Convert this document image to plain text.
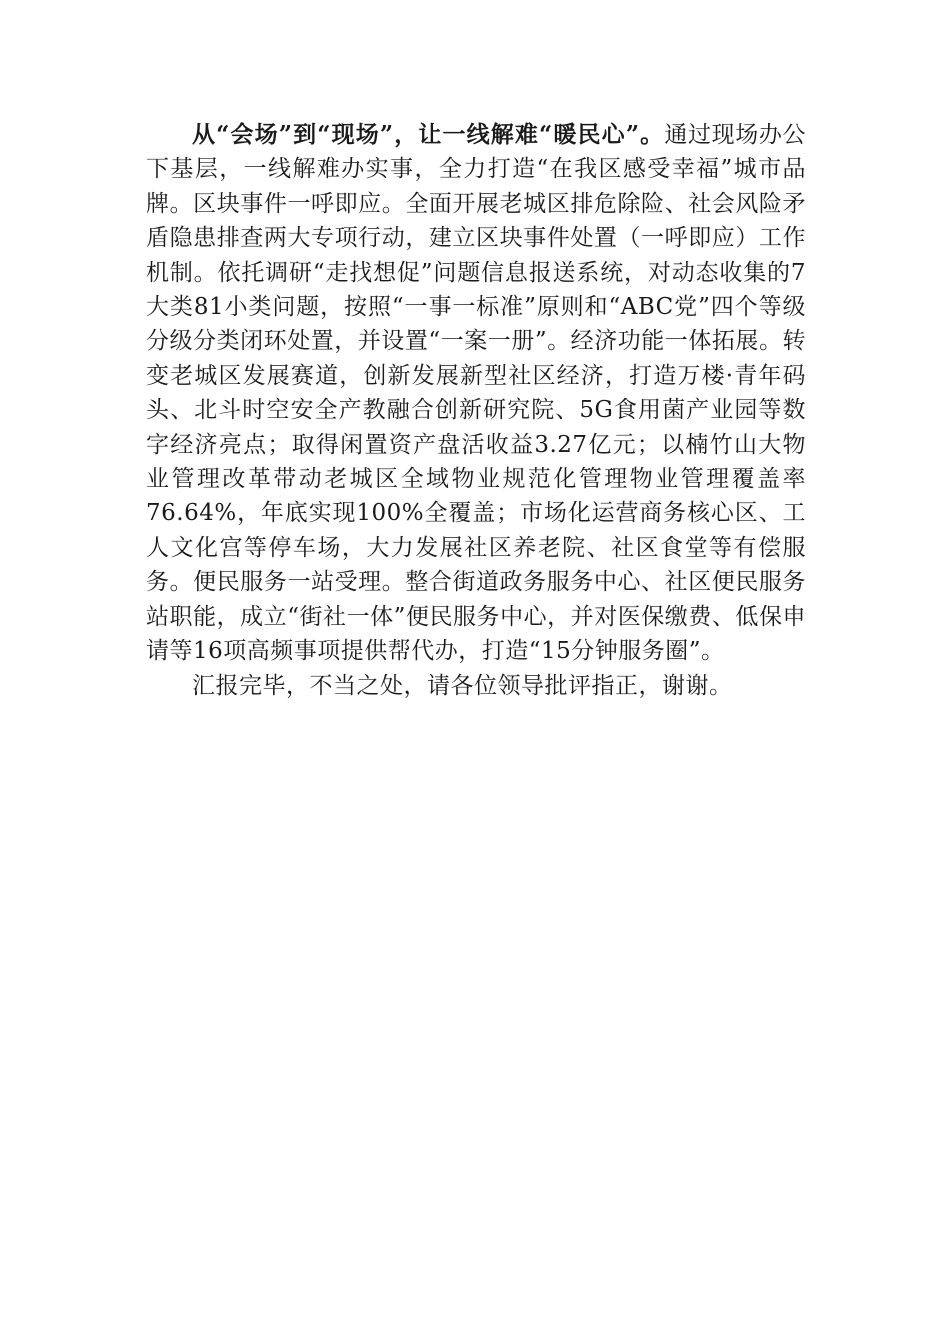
从“会场”到“现场”，让一线解难“暖民心”。通过现场办公下基层，一线解难办实事，全力打造“在我区感受幸福”城市品牌。区块事件一呼即应。全面开展老城区排危除险、社会风险矛盾隐患排查两大专项行动，建立区块事件处置（一呼即应）工作机制。依托调研“走找想促”问题信息报送系统，对动态收集的7大类81小类问题，按照“一事一标准”原则和“ABC党”四个等级分级分类闭环处置，并设置“一案一册”。经济功能一体拓展。转变老城区发展赛道，创新发展新型社区经济，打造万楼·青年码头、北斗时空安全产教融合创新研究院、5G食用菌产业园等数字经济亮点；取得闲置资产盘活收益3.27亿元；以楠竹山大物业管理改革带动老城区全域物业规范化管理物业管理覆盖率76.64%，年底实现100%全覆盖；市场化运营商务核心区、工人文化宫等停车场，大力发展社区养老院、社区食堂等有偿服务。便民服务一站受理。整合街道政务服务中心、社区便民服务站职能，成立“街社一体”便民服务中心，并对医保缴费、低保申请等16项高频事项提供帮代办，打造“15分钟服务圈”。

汇报完毕，不当之处，请各位领导批评指正，谢谢。
